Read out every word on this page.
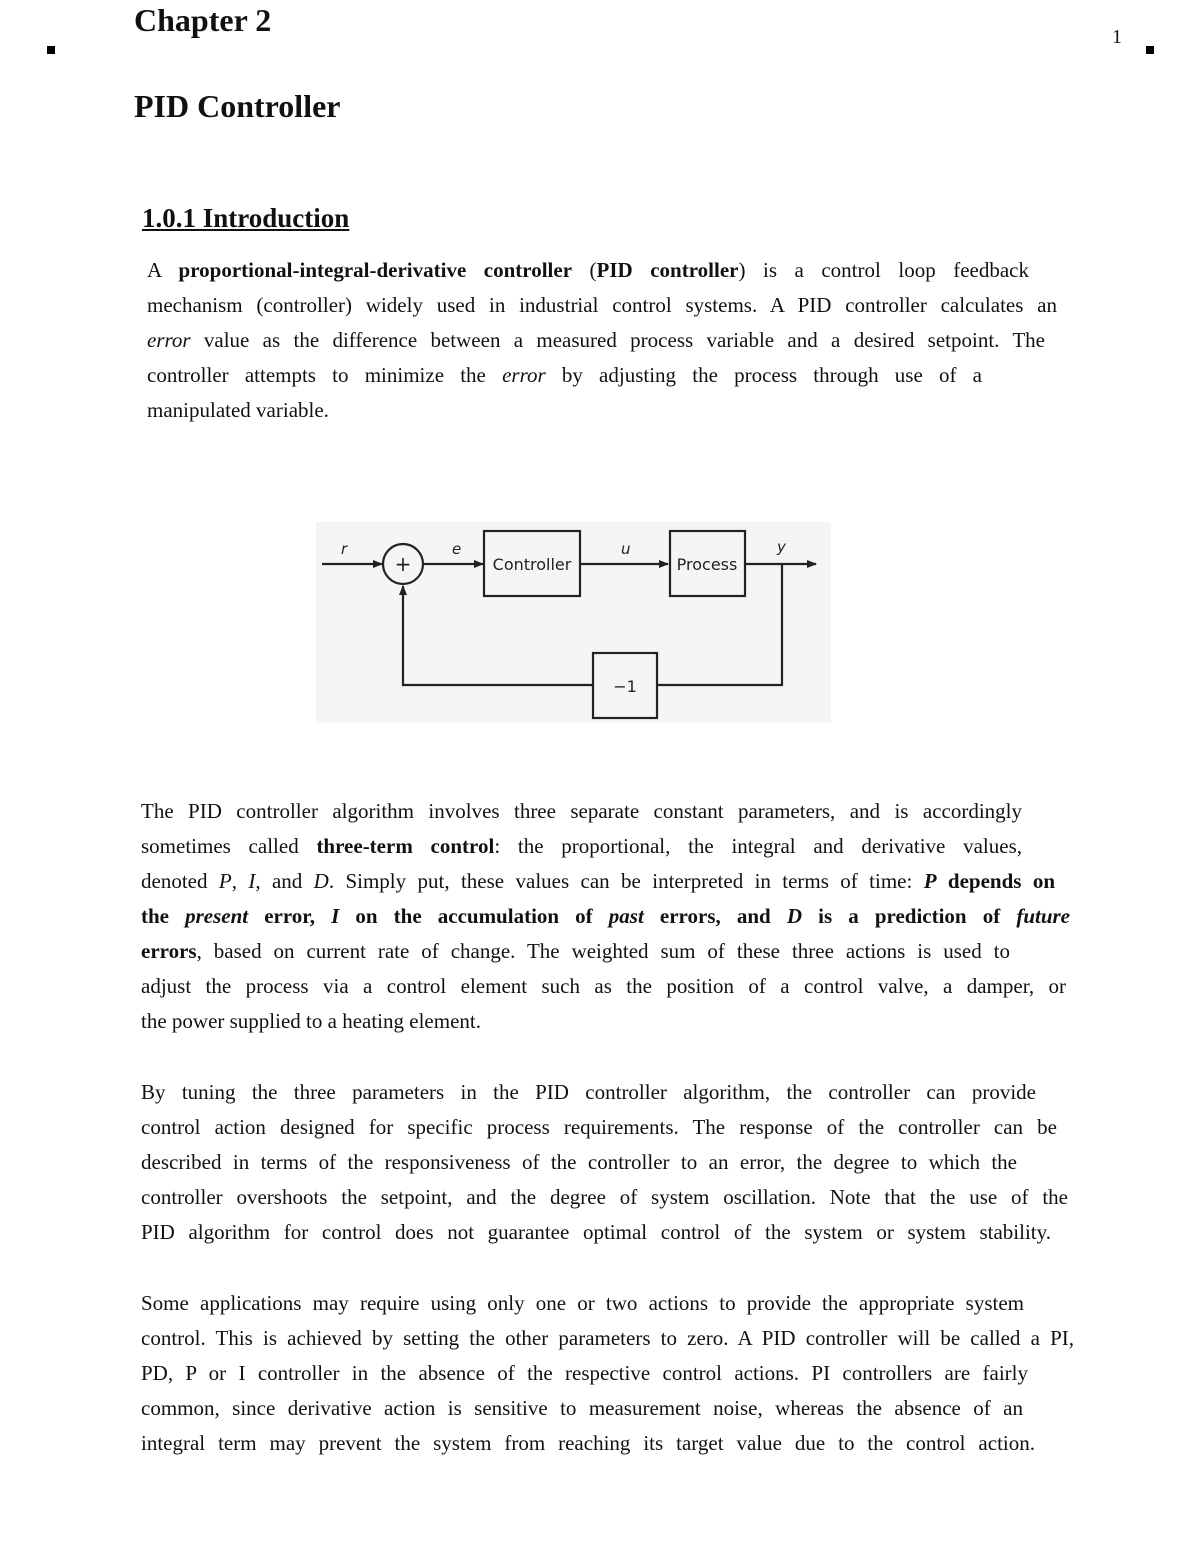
Chapter 2	1
PID Controller
1.0.1 Introduction
A proportional-integral-derivative controller (PID controller) is a control loop feedback
mechanism (controller) widely used in industrial control systems. A PID controller calculates an
error value as the difference between a measured process variable and a desired setpoint. The
controller attempts to minimize the error by adjusting the process through use of a
manipulated variable.
+	Controller	Process
−1
r	e	u	y
The PID controller algorithm involves three separate constant parameters, and is accordingly
sometimes called three-term control: the proportional, the integral and derivative values,
denoted P, I, and D. Simply put, these values can be interpreted in terms of time: P depends on
the present error, I on the accumulation of past errors, and D is a prediction of future
errors, based on current rate of change. The weighted sum of these three actions is used to
adjust the process via a control element such as the position of a control valve, a damper, or
the power supplied to a heating element.
By tuning the three parameters in the PID controller algorithm, the controller can provide
control action designed for specific process requirements. The response of the controller can be
described in terms of the responsiveness of the controller to an error, the degree to which the
controller overshoots the setpoint, and the degree of system oscillation. Note that the use of the
PID algorithm for control does not guarantee optimal control of the system or system stability.
Some applications may require using only one or two actions to provide the appropriate system
control. This is achieved by setting the other parameters to zero. A PID controller will be called a PI,
PD, P or I controller in the absence of the respective control actions. PI controllers are fairly
common, since derivative action is sensitive to measurement noise, whereas the absence of an
integral term may prevent the system from reaching its target value due to the control action.
